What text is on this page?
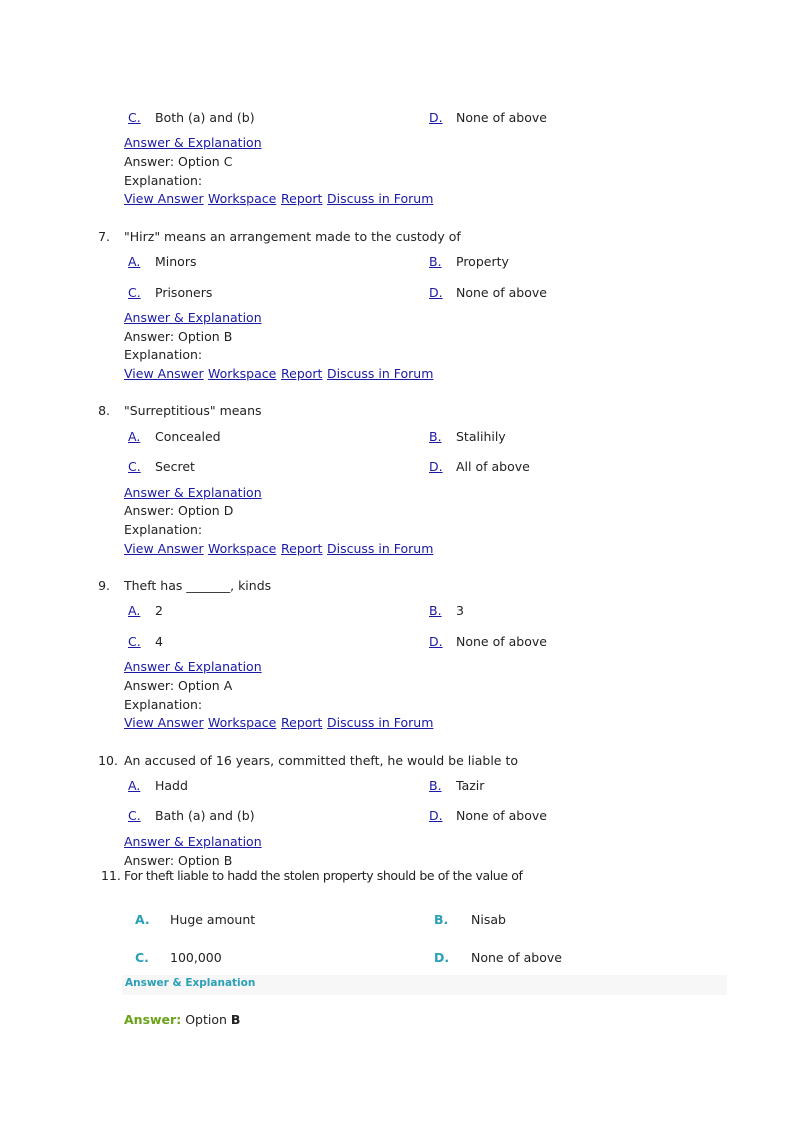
C. Both (a) and (b)	D. None of above
Answer & Explanation
Answer: Option C
Explanation:
View Answer Workspace Report Discuss in Forum
7. "Hirz" means an arrangement made to the custody of
A. Minors	B. Property
C. Prisoners	D. None of above
Answer & Explanation
Answer: Option B
Explanation:
View Answer Workspace Report Discuss in Forum
8. "Surreptitious" means
A. Concealed	B. Stalihily
C. Secret	D. All of above
Answer & Explanation
Answer: Option D
Explanation:
View Answer Workspace Report Discuss in Forum
9. Theft has _______, kinds
A. 2	B. 3
C. 4	D. None of above
Answer & Explanation
Answer: Option A
Explanation:
View Answer Workspace Report Discuss in Forum
10. An accused of 16 years, committed theft, he would be liable to
A. Hadd	B. Tazir
C. Bath (a) and (b)	D. None of above
Answer & Explanation
Answer: Option B
11. For theft liable to hadd the stolen property should be of the value of
A. Huge amount	B. Nisab
C. 100,000	D. None of above
Answer & Explanation
Answer: Option B
